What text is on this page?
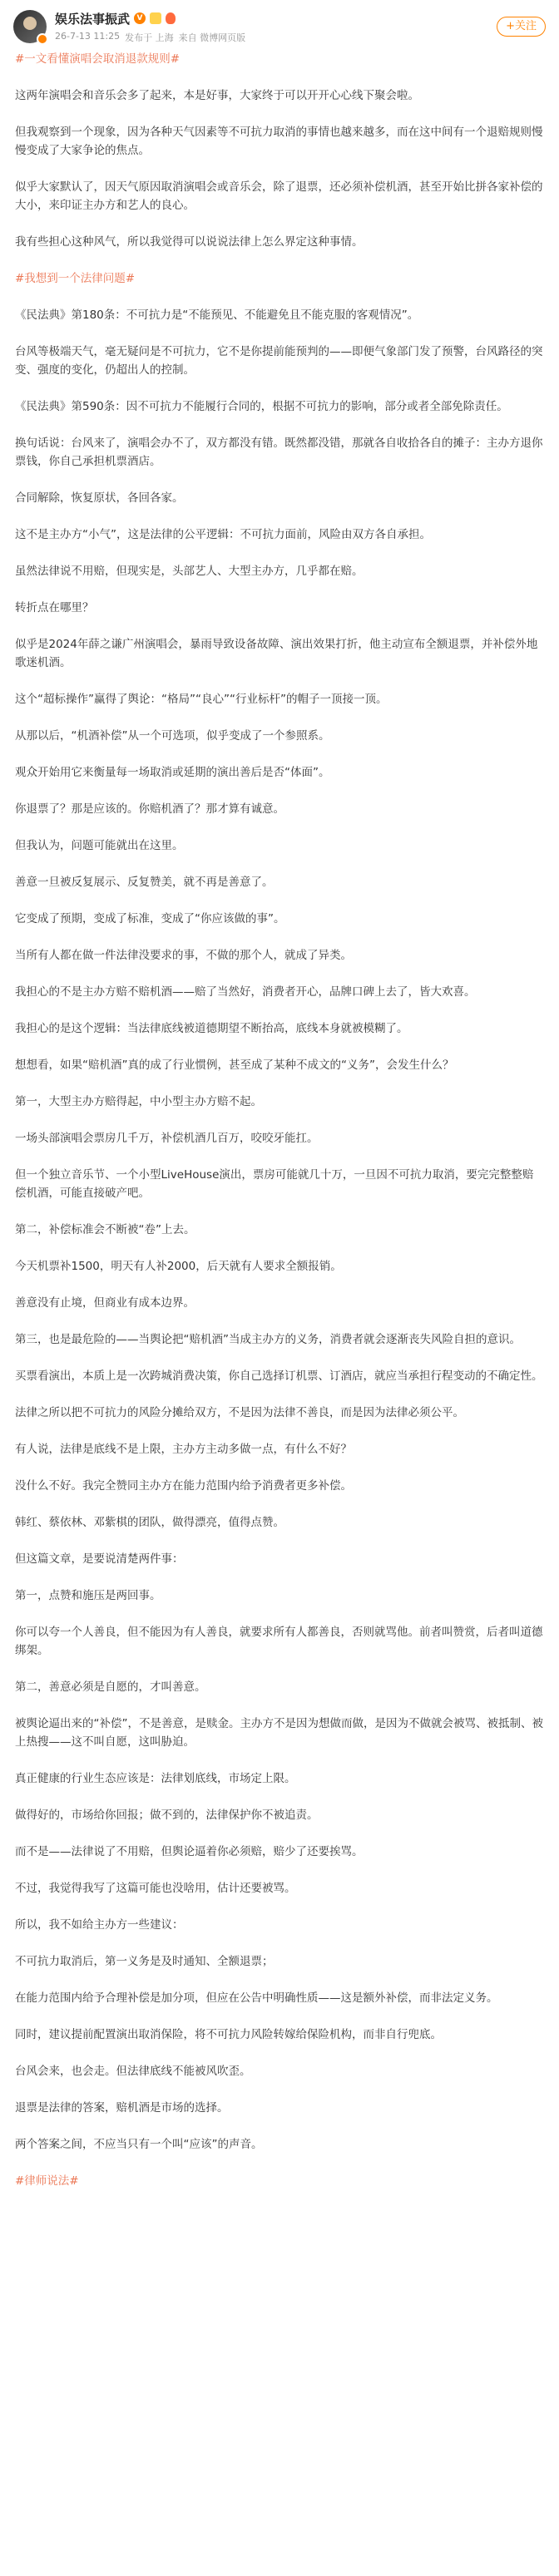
娱乐法事振武 V
26-7-13 11:25 发布于 上海 来自 微博网页版
+关注

#一文看懂演唱会取消退款规则#

这两年演唱会和音乐会多了起来，本是好事，大家终于可以开开心心线下聚会啦。

但我观察到一个现象，因为各种天气因素等不可抗力取消的事情也越来越多，而在这中间有一个退赔规则慢慢变成了大家争论的焦点。

似乎大家默认了，因天气原因取消演唱会或音乐会，除了退票，还必须补偿机酒，甚至开始比拼各家补偿的大小，来印证主办方和艺人的良心。

我有些担心这种风气，所以我觉得可以说说法律上怎么界定这种事情。

#我想到一个法律问题#

《民法典》第180条：不可抗力是“不能预见、不能避免且不能克服的客观情况”。

台风等极端天气，毫无疑问是不可抗力，它不是你提前能预判的——即便气象部门发了预警，台风路径的突变、强度的变化，仍超出人的控制。

《民法典》第590条：因不可抗力不能履行合同的，根据不可抗力的影响，部分或者全部免除责任。

换句话说：台风来了，演唱会办不了，双方都没有错。既然都没错，那就各自收拾各自的摊子：主办方退你票钱，你自己承担机票酒店。

合同解除，恢复原状，各回各家。

这不是主办方“小气”，这是法律的公平逻辑：不可抗力面前，风险由双方各自承担。

虽然法律说不用赔，但现实是，头部艺人、大型主办方，几乎都在赔。

转折点在哪里？

似乎是2024年薛之谦广州演唱会，暴雨导致设备故障、演出效果打折，他主动宣布全额退票，并补偿外地歌迷机酒。

这个“超标操作”赢得了舆论：“格局”“良心”“行业标杆”的帽子一顶接一顶。

从那以后，“机酒补偿”从一个可选项，似乎变成了一个参照系。

观众开始用它来衡量每一场取消或延期的演出善后是否“体面”。

你退票了？那是应该的。你赔机酒了？那才算有诚意。

但我认为，问题可能就出在这里。

善意一旦被反复展示、反复赞美，就不再是善意了。

它变成了预期，变成了标准，变成了“你应该做的事”。

当所有人都在做一件法律没要求的事，不做的那个人，就成了异类。

我担心的不是主办方赔不赔机酒——赔了当然好，消费者开心，品牌口碑上去了，皆大欢喜。

我担心的是这个逻辑：当法律底线被道德期望不断抬高，底线本身就被模糊了。

想想看，如果“赔机酒”真的成了行业惯例，甚至成了某种不成文的“义务”，会发生什么？

第一，大型主办方赔得起，中小型主办方赔不起。

一场头部演唱会票房几千万，补偿机酒几百万，咬咬牙能扛。

但一个独立音乐节、一个小型LiveHouse演出，票房可能就几十万，一旦因不可抗力取消，要完完整整赔偿机酒，可能直接破产吧。

第二，补偿标准会不断被“卷”上去。

今天机票补1500，明天有人补2000，后天就有人要求全额报销。

善意没有止境，但商业有成本边界。

第三，也是最危险的——当舆论把“赔机酒”当成主办方的义务，消费者就会逐渐丧失风险自担的意识。

买票看演出，本质上是一次跨城消费决策，你自己选择订机票、订酒店，就应当承担行程变动的不确定性。

法律之所以把不可抗力的风险分摊给双方，不是因为法律不善良，而是因为法律必须公平。

有人说，法律是底线不是上限，主办方主动多做一点，有什么不好？

没什么不好。我完全赞同主办方在能力范围内给予消费者更多补偿。

韩红、蔡依林、邓紫棋的团队，做得漂亮，值得点赞。

但这篇文章，是要说清楚两件事：

第一，点赞和施压是两回事。

你可以夸一个人善良，但不能因为有人善良，就要求所有人都善良，否则就骂他。前者叫赞赏，后者叫道德绑架。

第二，善意必须是自愿的，才叫善意。

被舆论逼出来的“补偿”，不是善意，是赎金。主办方不是因为想做而做，是因为不做就会被骂、被抵制、被上热搜——这不叫自愿，这叫胁迫。

真正健康的行业生态应该是：法律划底线，市场定上限。

做得好的，市场给你回报；做不到的，法律保护你不被追责。

而不是——法律说了不用赔，但舆论逼着你必须赔，赔少了还要挨骂。

不过，我觉得我写了这篇可能也没啥用，估计还要被骂。

所以，我不如给主办方一些建议：

不可抗力取消后，第一义务是及时通知、全额退票；

在能力范围内给予合理补偿是加分项，但应在公告中明确性质——这是额外补偿，而非法定义务。

同时，建议提前配置演出取消保险，将不可抗力风险转嫁给保险机构，而非自行兜底。

台风会来，也会走。但法律底线不能被风吹歪。

退票是法律的答案，赔机酒是市场的选择。

两个答案之间，不应当只有一个叫“应该”的声音。

#律师说法#
